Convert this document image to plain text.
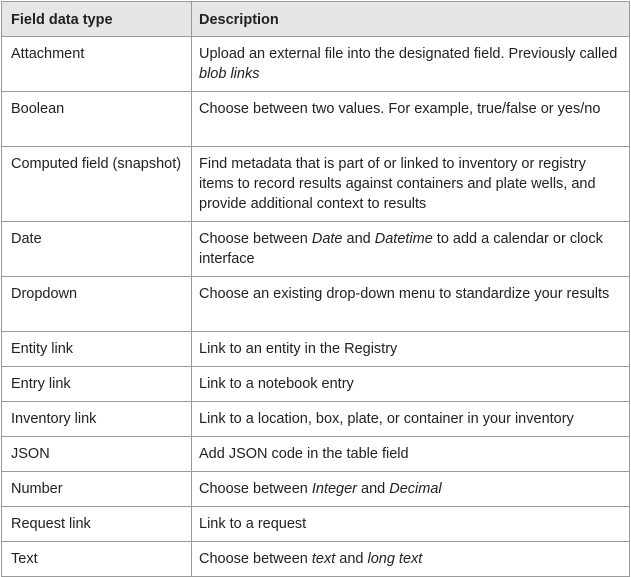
Field data type	Description
Attachment	Upload an external file into the designated field. Previously called blob links
Boolean	Choose between two values. For example, true/false or yes/no
Computed field (snapshot)	Find metadata that is part of or linked to inventory or registry items to record results against containers and plate wells, and provide additional context to results
Date	Choose between Date and Datetime to add a calendar or clock interface
Dropdown	Choose an existing drop-down menu to standardize your results
Entity link	Link to an entity in the Registry
Entry link	Link to a notebook entry
Inventory link	Link to a location, box, plate, or container in your inventory
JSON	Add JSON code in the table field
Number	Choose between Integer and Decimal
Request link	Link to a request
Text	Choose between text and long text
